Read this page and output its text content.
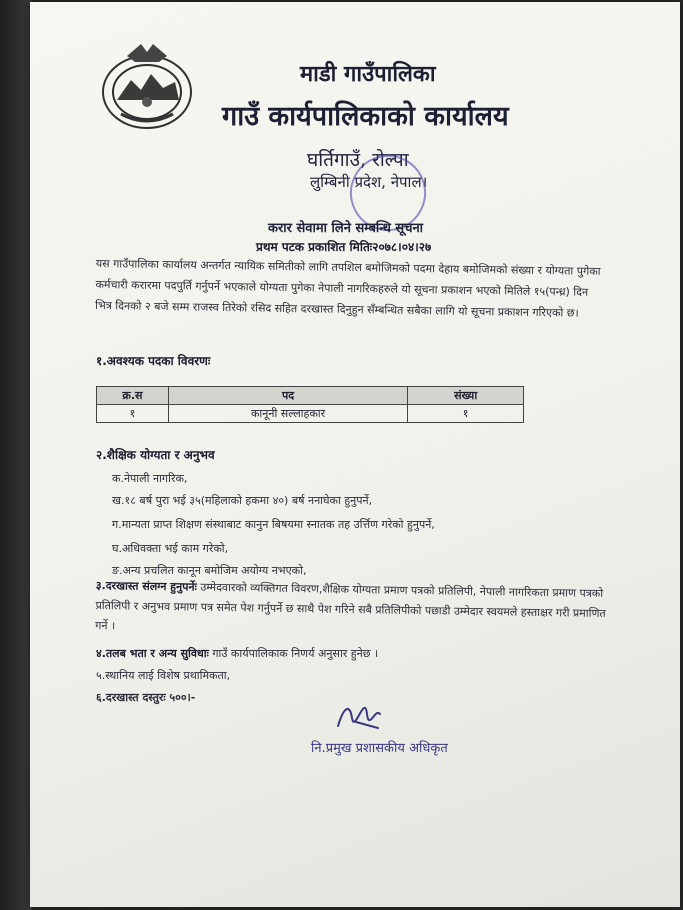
माडी गाउँपालिका
गाउँ कार्यपालिकाको कार्यालय
घर्तिगाउँ, रोल्पा
लुम्बिनी प्रदेश, नेपाल।
करार सेवामा लिने सम्बन्धि सूचना
प्रथम पटक प्रकाशित मितिः२०७८।०४।२७
यस गाउँपालिका कार्यालय अन्तर्गत न्यायिक समितीको लागि तपशिल बमोजिमको पदमा देहाय बमोजिमको संख्या र योग्यता पुगेका कर्मचारी करारमा पदपुर्ति गर्नुपर्ने भएकाले योग्यता पुगेका नेपाली नागरिकहरुले यो सूचना प्रकाशन भएको मितिले १५(पन्ध्र) दिन भित्र दिनको २ बजे सम्म राजस्व तिरेको रसिद सहित दरखास्त दिनुहुन सँम्बन्धित सबैका लागि यो सूचना प्रकाशन गरिएको छ।
१.अवश्यक पदका विवरणः
क्र.स	पद	संख्या
१	कानूनी सल्लाहकार	१
२.शैक्षिक योग्यता र अनुभव
क.नेपाली नागरिक,
ख.१८ बर्ष पुरा भई ३५(महिलाको हकमा ४०) बर्ष ननाघेका हुनुपर्ने,
ग.मान्यता प्राप्त शिक्षण संस्थाबाट कानुन बिषयमा स्नातक तह उर्त्तिण गरेको हुनुपर्ने,
घ.अधिवक्ता भई काम गरेको,
ङ.अन्य प्रचलित कानून बमोजिम अयोग्य नभएको,
३.दरखास्त संलग्न हुनुपर्नेः उम्मेदवारको व्यक्तिगत विवरण,शैक्षिक योग्यता प्रमाण पत्रको प्रतिलिपी, नेपाली नागरिकता प्रमाण पत्रको प्रतिलिपी र अनुभव प्रमाण पत्र समेत पेश गर्नुपर्ने छ साथै पेश गरिने सबै प्रतिलिपीको पछाडी उम्मेदार स्वयमले हस्ताक्षर गरी प्रमाणित गर्ने ।
४.तलब भता र अन्य सुविधाः गाउँ कार्यपालिकाक निणर्य अनुसार हुनेछ ।
५.स्थानिय लाई विशेष प्रथामिकता,
६.दरखास्त दस्तुरः ५००।-
नि.प्रमुख प्रशासकीय अधिकृत
